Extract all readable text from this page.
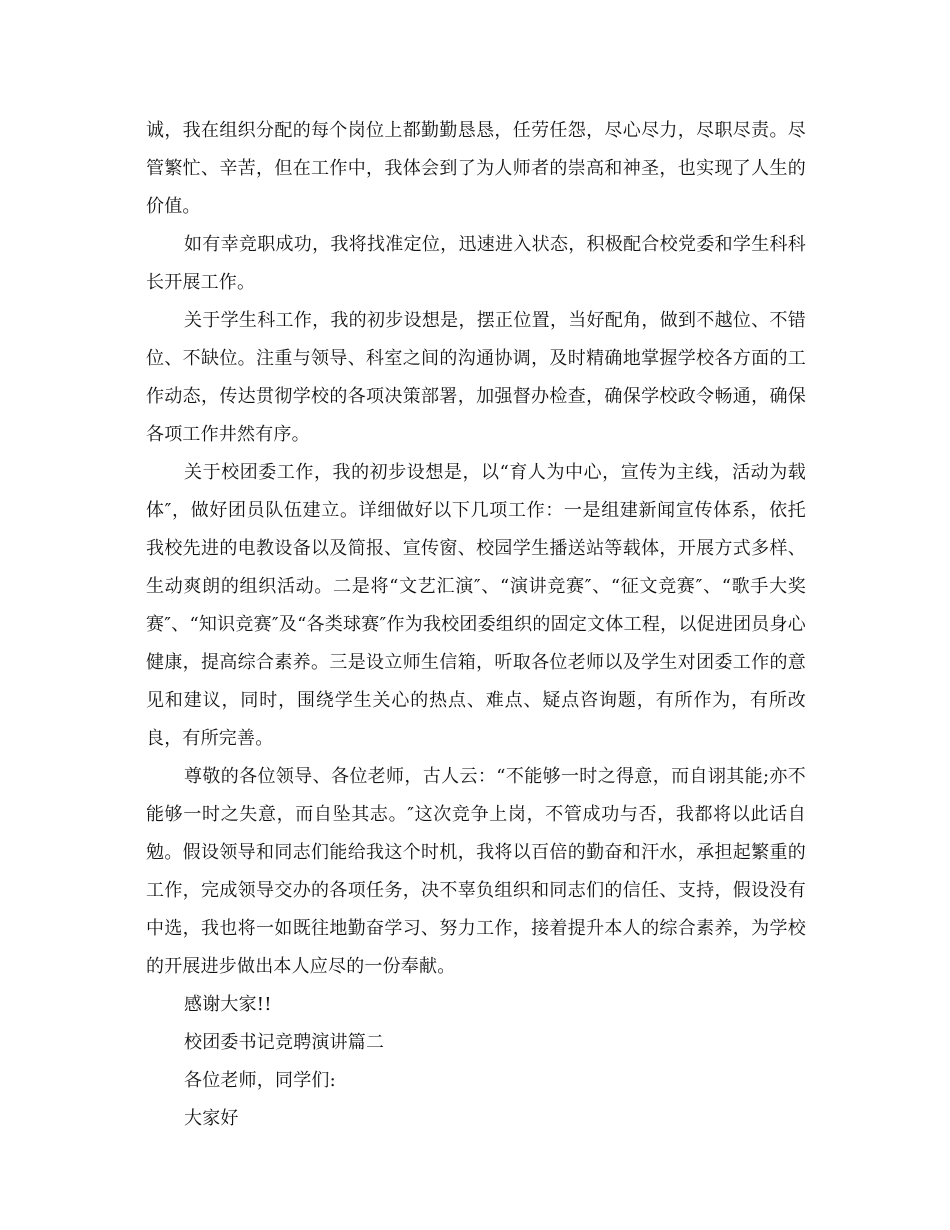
诚，我在组织分配的每个岗位上都勤勤恳恳，任劳任怨，尽心尽力，尽职尽责。尽管繁忙、辛苦，但在工作中，我体会到了为人师者的崇高和神圣，也实现了人生的价值。

如有幸竞职成功，我将找准定位，迅速进入状态，积极配合校党委和学生科科长开展工作。

关于学生科工作，我的初步设想是，摆正位置，当好配角，做到不越位、不错位、不缺位。注重与领导、科室之间的沟通协调，及时精确地掌握学校各方面的工作动态，传达贯彻学校的各项决策部署，加强督办检查，确保学校政令畅通，确保各项工作井然有序。

关于校团委工作，我的初步设想是，以“育人为中心，宣传为主线，活动为载体″，做好团员队伍建立。详细做好以下几项工作：一是组建新闻宣传体系，依托我校先进的电教设备以及简报、宣传窗、校园学生播送站等载体，开展方式多样、生动爽朗的组织活动。二是将“文艺汇演″、“演讲竞赛″、“征文竞赛″、“歌手大奖赛″、“知识竞赛″及“各类球赛″作为我校团委组织的固定文体工程，以促进团员身心健康，提高综合素养。三是设立师生信箱，听取各位老师以及学生对团委工作的意见和建议，同时，围绕学生关心的热点、难点、疑点咨询题，有所作为，有所改良，有所完善。

尊敬的各位领导、各位老师，古人云：“不能够一时之得意，而自诩其能;亦不能够一时之失意，而自坠其志。″这次竞争上岗，不管成功与否，我都将以此话自勉。假设领导和同志们能给我这个时机，我将以百倍的勤奋和汗水，承担起繁重的工作，完成领导交办的各项任务，决不辜负组织和同志们的信任、支持，假设没有中选，我也将一如既往地勤奋学习、努力工作，接着提升本人的综合素养，为学校的开展进步做出本人应尽的一份奉献。

感谢大家!!

校团委书记竞聘演讲篇二

各位老师，同学们:

大家好
